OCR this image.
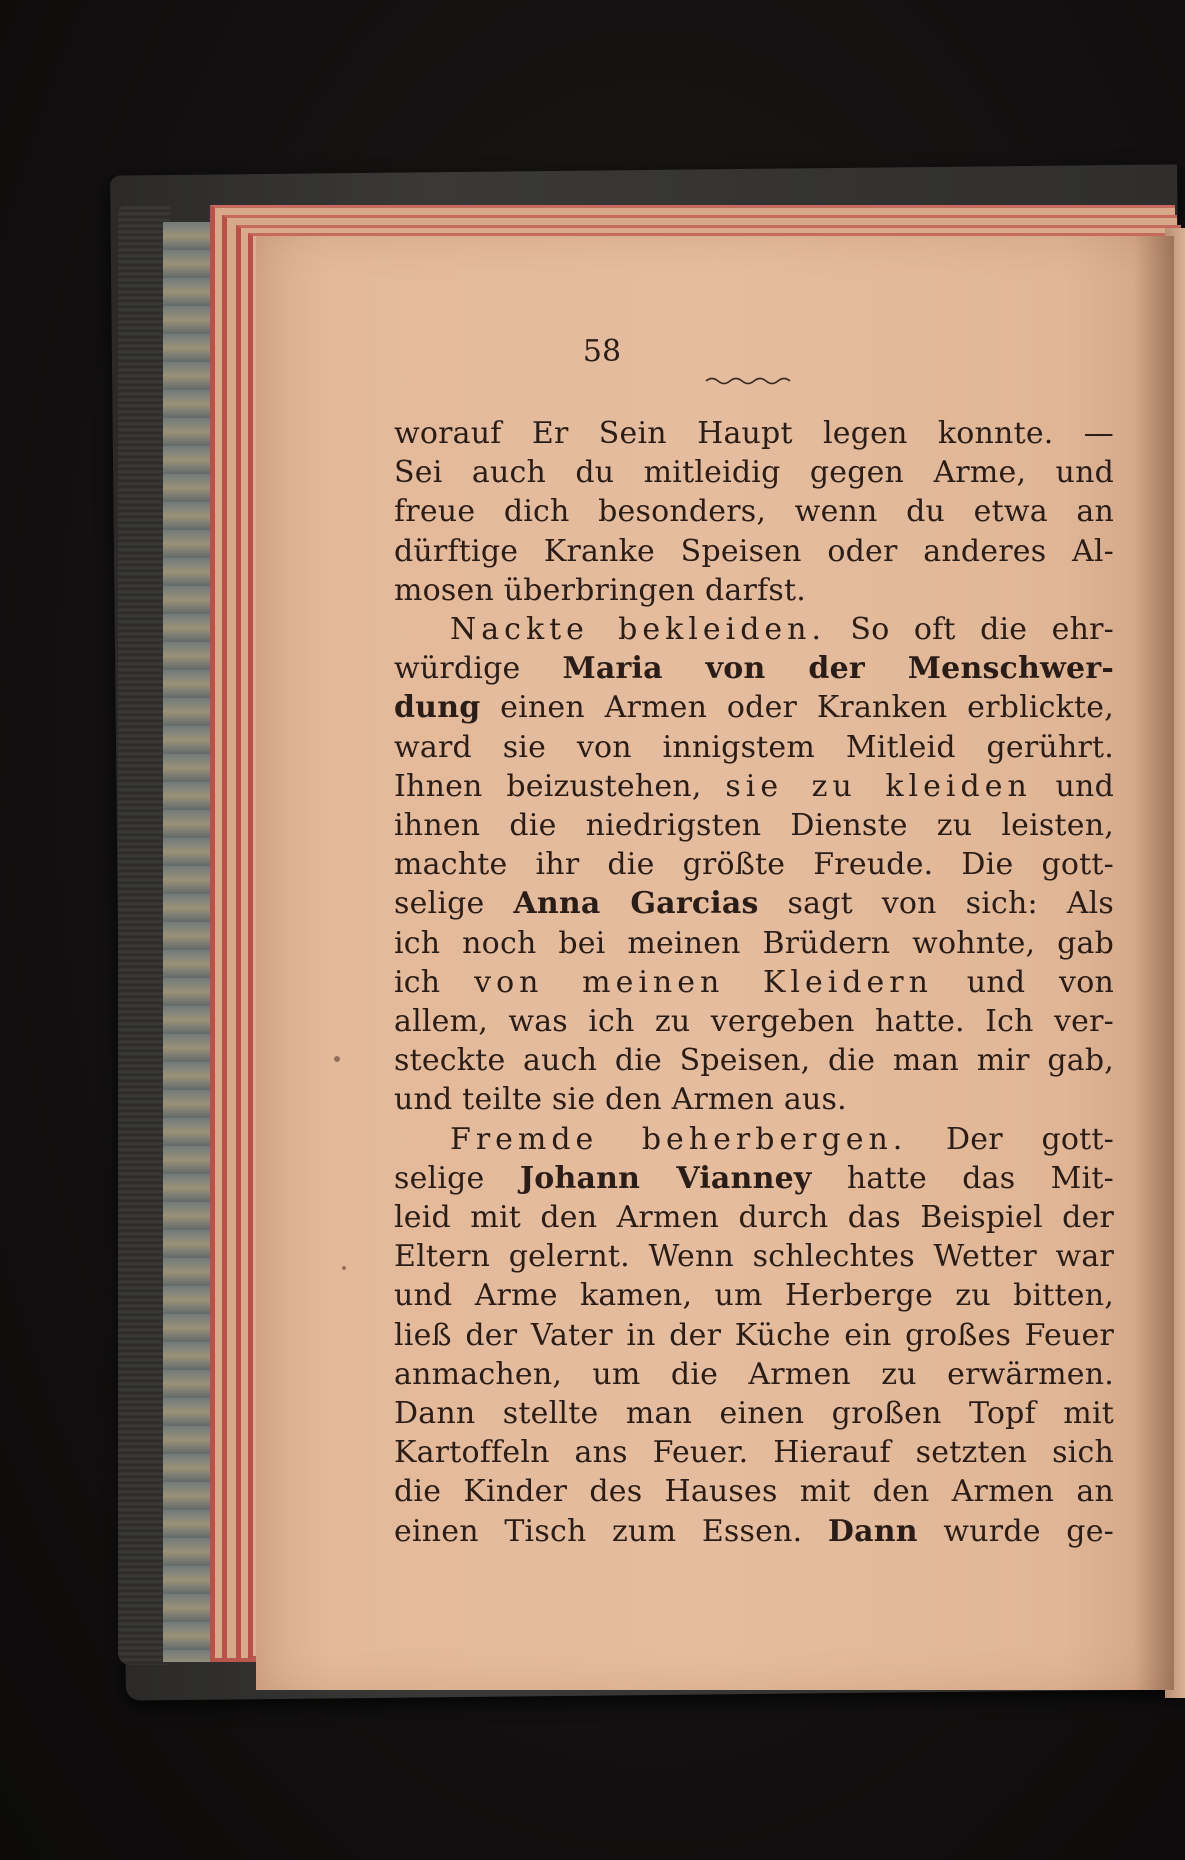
58
worauf Er Sein Haupt legen konnte. —
Sei auch du mitleidig gegen Arme, und
freue dich besonders, wenn du etwa an
dürftige Kranke Speisen oder anderes Al-
mosen überbringen darfst.
Nackte bekleiden. So oft die ehr-
würdige Maria von der Menschwer-
dung einen Armen oder Kranken erblickte,
ward sie von innigstem Mitleid gerührt.
Ihnen beizustehen, sie zu kleiden und
ihnen die niedrigsten Dienste zu leisten,
machte ihr die größte Freude. Die gott-
selige Anna Garcias sagt von sich: Als
ich noch bei meinen Brüdern wohnte, gab
ich von meinen Kleidern und von
allem, was ich zu vergeben hatte. Ich ver-
steckte auch die Speisen, die man mir gab,
und teilte sie den Armen aus.
Fremde beherbergen. Der gott-
selige Johann Vianney hatte das Mit-
leid mit den Armen durch das Beispiel der
Eltern gelernt. Wenn schlechtes Wetter war
und Arme kamen, um Herberge zu bitten,
ließ der Vater in der Küche ein großes Feuer
anmachen, um die Armen zu erwärmen.
Dann stellte man einen großen Topf mit
Kartoffeln ans Feuer. Hierauf setzten sich
die Kinder des Hauses mit den Armen an
einen Tisch zum Essen. Dann wurde ge-
